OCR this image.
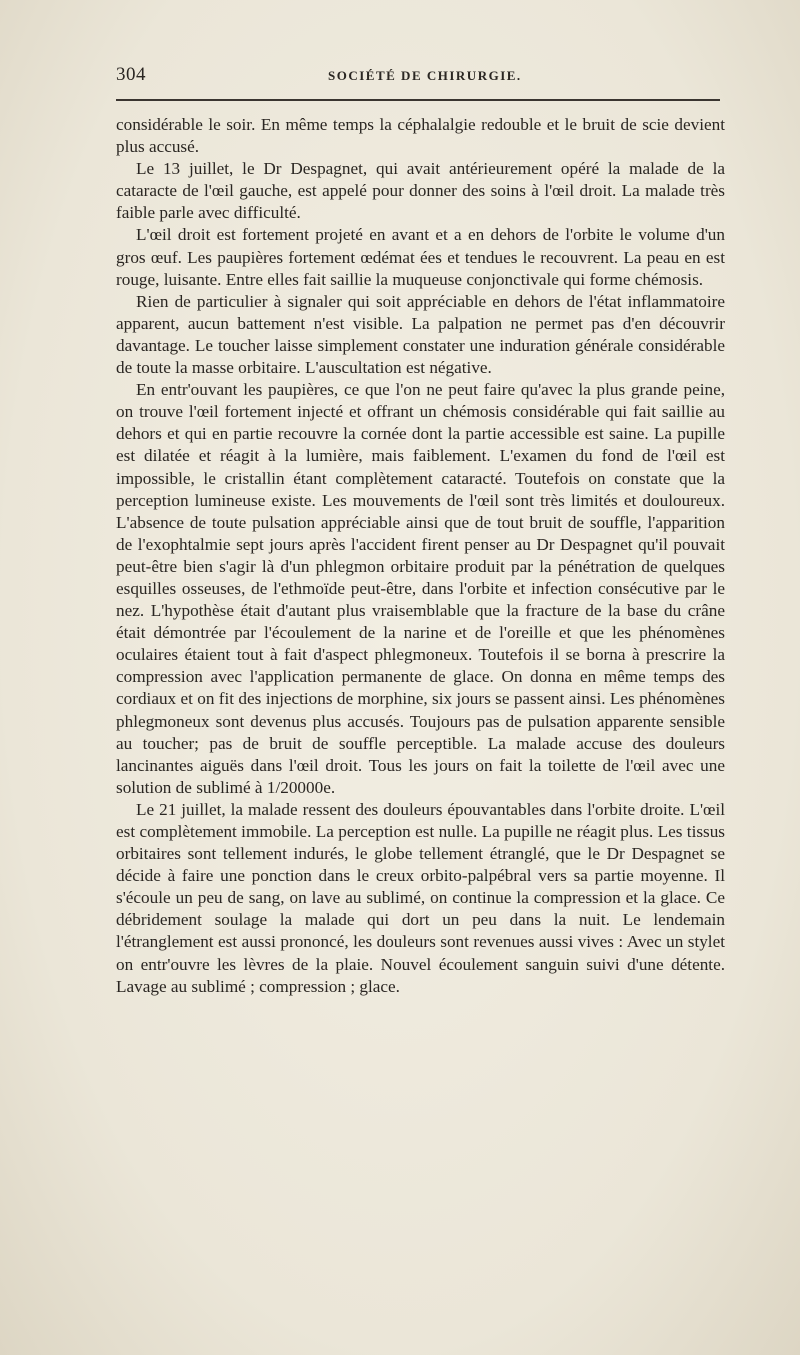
304	SOCIÉTÉ DE CHIRURGIE.

considérable le soir. En même temps la céphalalgie redouble et le bruit de scie devient plus accusé.

Le 13 juillet, le Dr Despagnet, qui avait antérieurement opéré la malade de la cataracte de l'œil gauche, est appelé pour donner des soins à l'œil droit. La malade très faible parle avec difficulté.

L'œil droit est fortement projeté en avant et a en dehors de l'orbite le volume d'un gros œuf. Les paupières fortement œdémat ées et tendues le recouvrent. La peau en est rouge, luisante. Entre elles fait saillie la muqueuse conjonctivale qui forme chémosis.

Rien de particulier à signaler qui soit appréciable en dehors de l'état inflammatoire apparent, aucun battement n'est visible. La palpation ne permet pas d'en découvrir davantage. Le toucher laisse simplement constater une induration générale considérable de toute la masse orbitaire. L'auscultation est négative.

En entr'ouvant les paupières, ce que l'on ne peut faire qu'avec la plus grande peine, on trouve l'œil fortement injecté et offrant un chémosis considérable qui fait saillie au dehors et qui en partie recouvre la cornée dont la partie accessible est saine. La pupille est dilatée et réagit à la lumière, mais faiblement. L'examen du fond de l'œil est impossible, le cristallin étant complètement cataracté. Toutefois on constate que la perception lumineuse existe. Les mouvements de l'œil sont très limités et douloureux. L'absence de toute pulsation appréciable ainsi que de tout bruit de souffle, l'apparition de l'exophtalmie sept jours après l'accident firent penser au Dr Despagnet qu'il pouvait peut-être bien s'agir là d'un phlegmon orbitaire produit par la pénétration de quelques esquilles osseuses, de l'ethmoïde peut-être, dans l'orbite et infection consécutive par le nez. L'hypothèse était d'autant plus vraisemblable que la fracture de la base du crâne était démontrée par l'écoulement de la narine et de l'oreille et que les phénomènes oculaires étaient tout à fait d'aspect phlegmoneux. Toutefois il se borna à prescrire la compression avec l'application permanente de glace. On donna en même temps des cordiaux et on fit des injections de morphine, six jours se passent ainsi. Les phénomènes phlegmoneux sont devenus plus accusés. Toujours pas de pulsation apparente sensible au toucher; pas de bruit de souffle perceptible. La malade accuse des douleurs lancinantes aiguës dans l'œil droit. Tous les jours on fait la toilette de l'œil avec une solution de sublimé à 1/20000e.

Le 21 juillet, la malade ressent des douleurs épouvantables dans l'orbite droite. L'œil est complètement immobile. La perception est nulle. La pupille ne réagit plus. Les tissus orbitaires sont tellement indurés, le globe tellement étranglé, que le Dr Despagnet se décide à faire une ponction dans le creux orbito-palpébral vers sa partie moyenne. Il s'écoule un peu de sang, on lave au sublimé, on continue la compression et la glace. Ce débridement soulage la malade qui dort un peu dans la nuit. Le lendemain l'étranglement est aussi prononcé, les douleurs sont revenues aussi vives : Avec un stylet on entr'ouvre les lèvres de la plaie. Nouvel écoulement sanguin suivi d'une détente. Lavage au sublimé ; compression ; glace.
